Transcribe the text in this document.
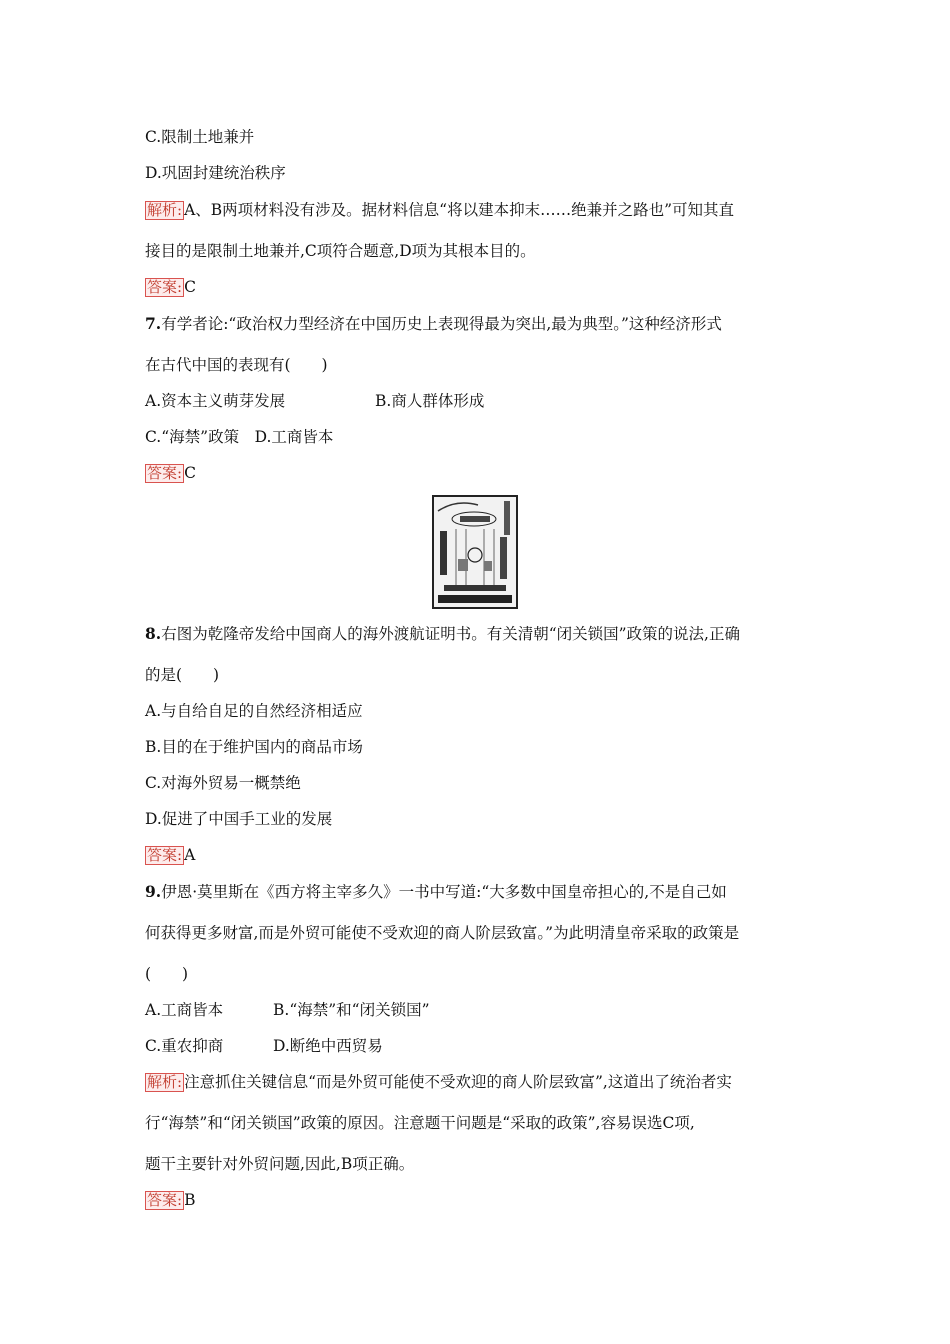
C.限制土地兼并
D.巩固封建统治秩序
解析: A、B两项材料没有涉及。据材料信息“将以建本抑末……绝兼并之路也”可知其直
接目的是限制土地兼并,C项符合题意,D项为其根本目的。
答案: C
7.有学者论:“政治权力型经济在中国历史上表现得最为突出,最为典型。”这种经济形式
在古代中国的表现有(　　)
A.资本主义萌芽发展	B.商人群体形成
C.“海禁”政策　D.工商皆本
答案: C
8.右图为乾隆帝发给中国商人的海外渡航证明书。有关清朝“闭关锁国”政策的说法,正确
的是(　　)
A.与自给自足的自然经济相适应
B.目的在于维护国内的商品市场
C.对海外贸易一概禁绝
D.促进了中国手工业的发展
答案: A
9.伊恩·莫里斯在《西方将主宰多久》一书中写道:“大多数中国皇帝担心的,不是自己如
何获得更多财富,而是外贸可能使不受欢迎的商人阶层致富。”为此明清皇帝采取的政策是
(　　)
A.工商皆本	B.“海禁”和“闭关锁国”
C.重农抑商	D.断绝中西贸易
解析: 注意抓住关键信息“而是外贸可能使不受欢迎的商人阶层致富”,这道出了统治者实
行“海禁”和“闭关锁国”政策的原因。注意题干问题是“采取的政策”,容易误选C项,
题干主要针对外贸问题,因此,B项正确。
答案: B
